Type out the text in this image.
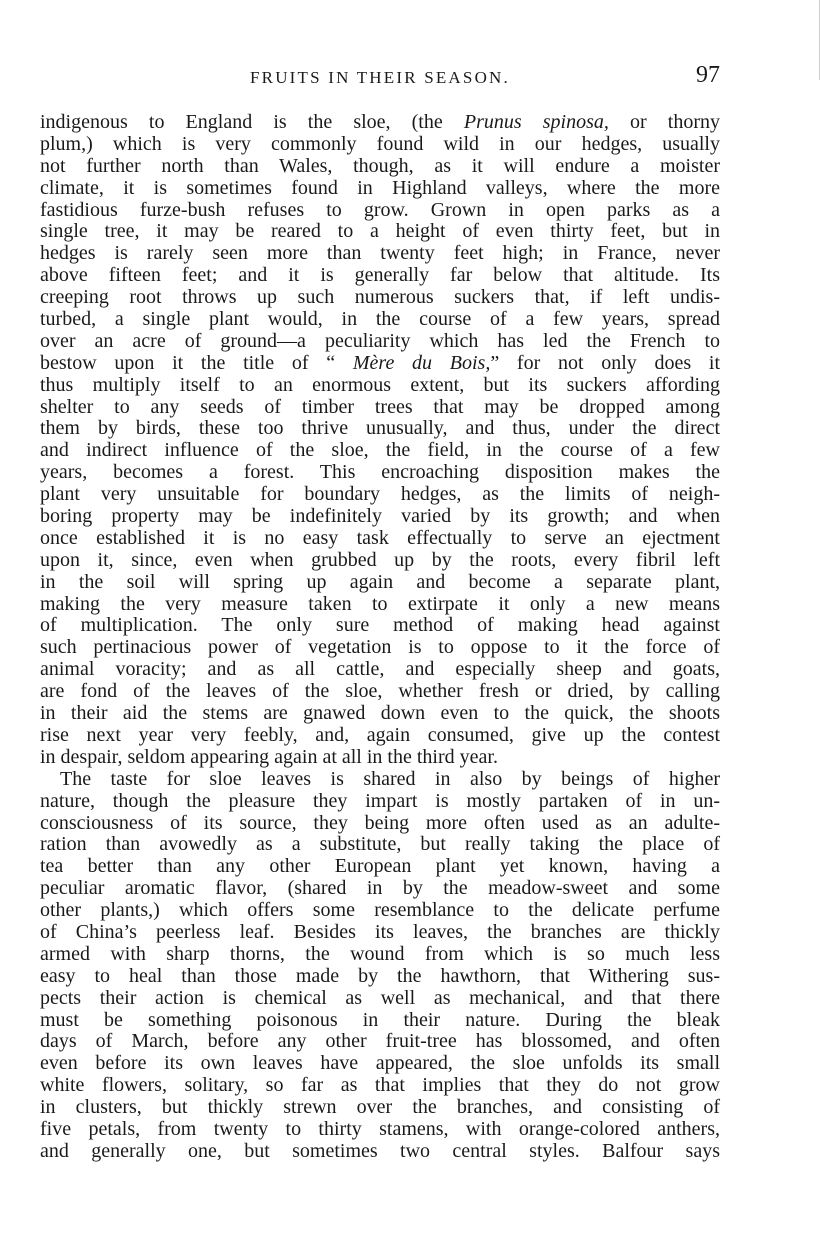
FRUITS IN THEIR SEASON.	97
indigenous to England is the sloe, (the Prunus spinosa, or thorny
plum,) which is very commonly found wild in our hedges, usually
not further north than Wales, though, as it will endure a moister
climate, it is sometimes found in Highland valleys, where the more
fastidious furze-bush refuses to grow. Grown in open parks as a
single tree, it may be reared to a height of even thirty feet, but in
hedges is rarely seen more than twenty feet high; in France, never
above fifteen feet; and it is generally far below that altitude. Its
creeping root throws up such numerous suckers that, if left undis-
turbed, a single plant would, in the course of a few years, spread
over an acre of ground—a peculiarity which has led the French to
bestow upon it the title of “ Mère du Bois,” for not only does it
thus multiply itself to an enormous extent, but its suckers affording
shelter to any seeds of timber trees that may be dropped among
them by birds, these too thrive unusually, and thus, under the direct
and indirect influence of the sloe, the field, in the course of a few
years, becomes a forest. This encroaching disposition makes the
plant very unsuitable for boundary hedges, as the limits of neigh-
boring property may be indefinitely varied by its growth; and when
once established it is no easy task effectually to serve an ejectment
upon it, since, even when grubbed up by the roots, every fibril left
in the soil will spring up again and become a separate plant,
making the very measure taken to extirpate it only a new means
of multiplication. The only sure method of making head against
such pertinacious power of vegetation is to oppose to it the force of
animal voracity; and as all cattle, and especially sheep and goats,
are fond of the leaves of the sloe, whether fresh or dried, by calling
in their aid the stems are gnawed down even to the quick, the shoots
rise next year very feebly, and, again consumed, give up the contest
in despair, seldom appearing again at all in the third year.
The taste for sloe leaves is shared in also by beings of higher
nature, though the pleasure they impart is mostly partaken of in un-
consciousness of its source, they being more often used as an adulte-
ration than avowedly as a substitute, but really taking the place of
tea better than any other European plant yet known, having a
peculiar aromatic flavor, (shared in by the meadow-sweet and some
other plants,) which offers some resemblance to the delicate perfume
of China’s peerless leaf. Besides its leaves, the branches are thickly
armed with sharp thorns, the wound from which is so much less
easy to heal than those made by the hawthorn, that Withering sus-
pects their action is chemical as well as mechanical, and that there
must be something poisonous in their nature. During the bleak
days of March, before any other fruit-tree has blossomed, and often
even before its own leaves have appeared, the sloe unfolds its small
white flowers, solitary, so far as that implies that they do not grow
in clusters, but thickly strewn over the branches, and consisting of
five petals, from twenty to thirty stamens, with orange-colored anthers,
and generally one, but sometimes two central styles. Balfour says
